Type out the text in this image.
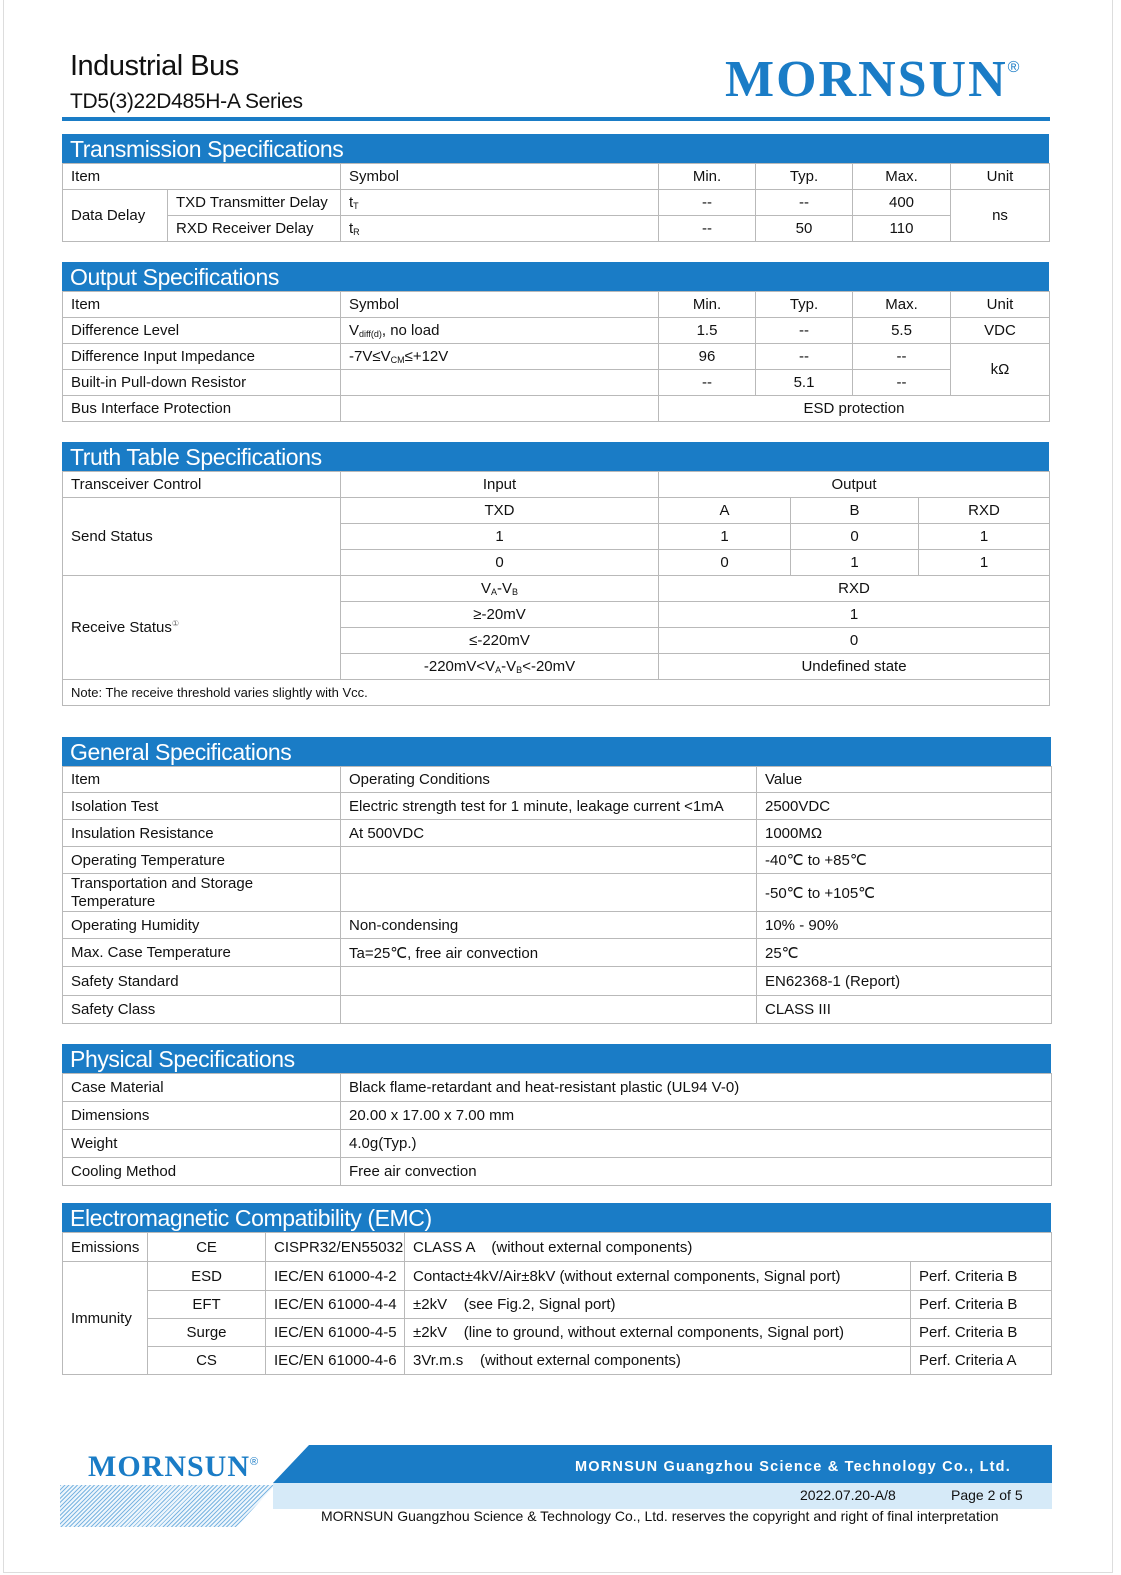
Industrial Bus
TD5(3)22D485H-A Series	MORNSUN®
Transmission Specifications
Item		Symbol	Min.	Typ.	Max.	Unit
Data Delay	TXD Transmitter Delay	$t_T$	--	--	400	ns
	RXD Receiver Delay	$t_R$	--	50	110	
Output Specifications
Item	Symbol	Min.	Typ.	Max.	Unit
Difference Level	$V_{diff(d)}$, no load	1.5	--	5.5	VDC
Difference Input Impedance	$-7V\le V_{CM}\le+12V$	96	--	--	kΩ
Built-in Pull-down Resistor		--	5.1	--	
Bus Interface Protection		ESD protection			
Truth Table Specifications
Transceiver Control	Input	Output		
Send Status	TXD	A	B	RXD
	1	1	0	1
	0	0	1	1
Receive Status①	$V_A-V_B$	RXD		
	≥-20mV	1		
	≤-220mV	0		
	$-220mV<V_A-V_B<-20mV$	Undefined state		
Note: The receive threshold varies slightly with Vcc.				
General Specifications
Item	Operating Conditions	Value
Isolation Test	Electric strength test for 1 minute, leakage current <1mA	2500VDC
Insulation Resistance	At 500VDC	1000MΩ
Operating Temperature		-40℃ to +85℃
Transportation and Storage Temperature		-50℃ to +105℃
Operating Humidity	Non-condensing	10% - 90%
Max. Case Temperature	Ta=25℃, free air convection	25℃
Safety Standard		EN62368-1 (Report)
Safety Class		CLASS III
Physical Specifications
Case Material	Black flame-retardant and heat-resistant plastic (UL94 V-0)
Dimensions	20.00 x 17.00 x 7.00 mm
Weight	4.0g(Typ.)
Cooling Method	Free air convection
Electromagnetic Compatibility (EMC)
Emissions	CE	CISPR32/EN55032	CLASS A    (without external components)	
Immunity	ESD	IEC/EN 61000-4-2	Contact±4kV/Air±8kV (without external components, Signal port)	Perf. Criteria B
	EFT	IEC/EN 61000-4-4	±2kV    (see Fig.2, Signal port)	Perf. Criteria B
	Surge	IEC/EN 61000-4-5	±2kV    (line to ground, without external components, Signal port)	Perf. Criteria B
	CS	IEC/EN 61000-4-6	3Vr.m.s    (without external components)	Perf. Criteria A
MORNSUN®	MORNSUN Guangzhou Science & Technology Co., Ltd.
2022.07.20-A/8	Page 2 of 5
MORNSUN Guangzhou Science & Technology Co., Ltd. reserves the copyright and right of final interpretation
